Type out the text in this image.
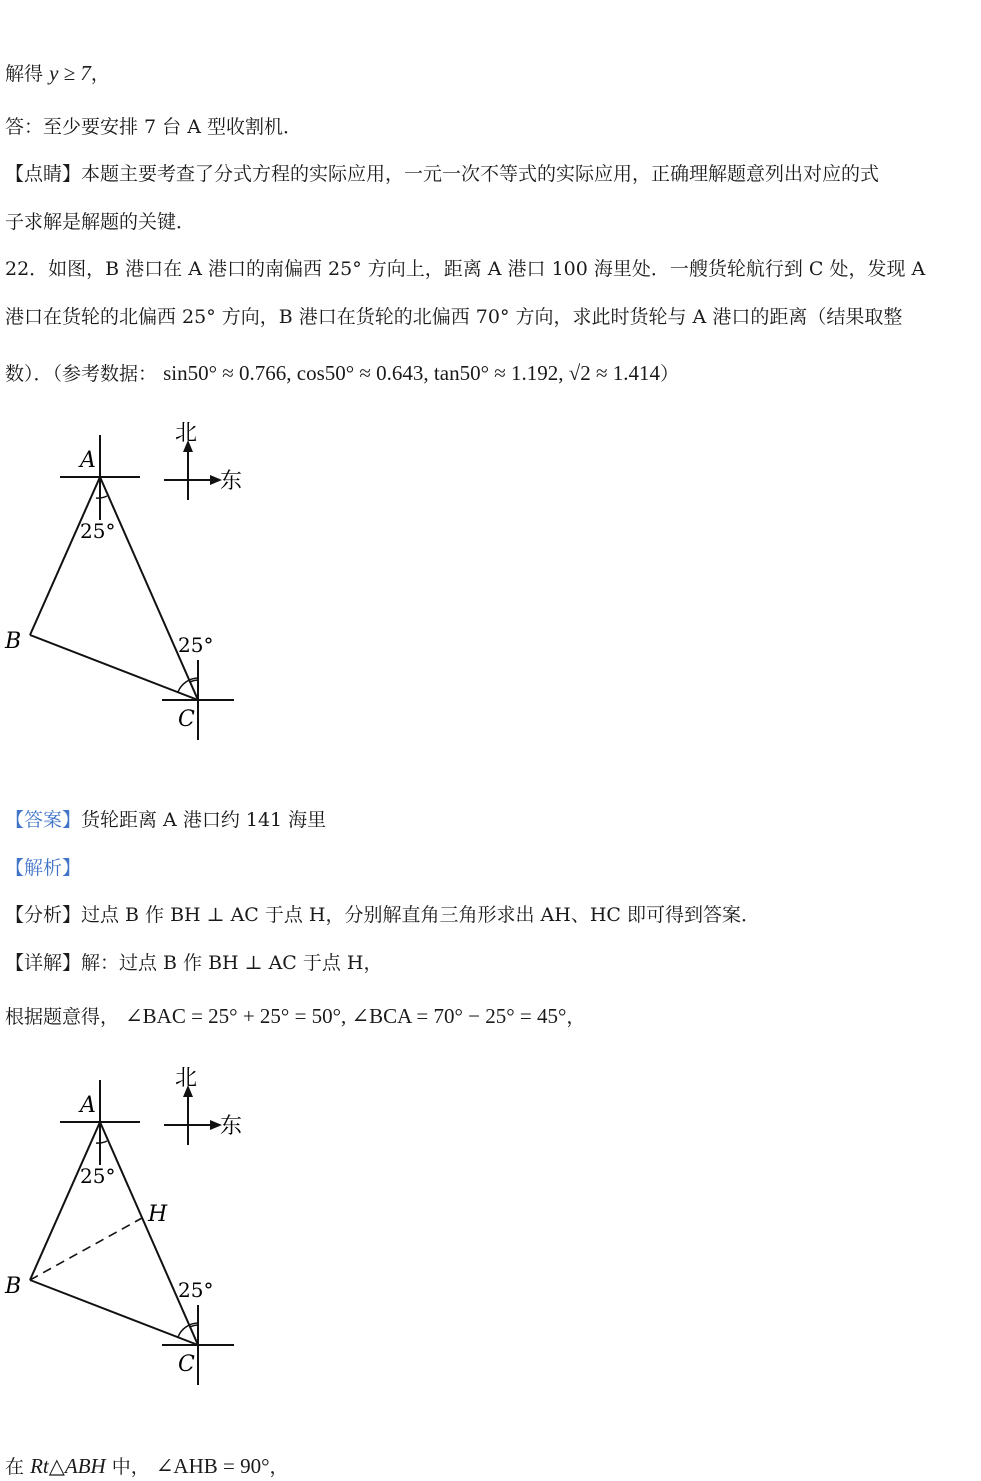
解得 y ≥ 7，
答：至少要安排 7 台 A 型收割机．
【点睛】本题主要考查了分式方程的实际应用，一元一次不等式的实际应用，正确理解题意列出对应的式
子求解是解题的关键．
22．如图，B 港口在 A 港口的南偏西 25° 方向上，距离 A 港口 100 海里处．一艘货轮航行到 C 处，发现 A
港口在货轮的北偏西 25° 方向，B 港口在货轮的北偏西 70° 方向，求此时货轮与 A 港口的距离（结果取整
数）．（参考数据： sin50° ≈ 0.766, cos50° ≈ 0.643, tan50° ≈ 1.192, √2 ≈ 1.414）
北
东
A
B
C
25°
25°
【答案】货轮距离 A 港口约 141 海里
【解析】
【分析】过点 B 作 BH ⊥ AC 于点 H，分别解直角三角形求出 AH、HC 即可得到答案．
【详解】解：过点 B 作 BH ⊥ AC 于点 H，
根据题意得， ∠BAC = 25° + 25° = 50°, ∠BCA = 70° − 25° = 45°，
北
东
A
B
C
H
25°
25°
在 Rt△ABH 中， ∠AHB = 90°，
